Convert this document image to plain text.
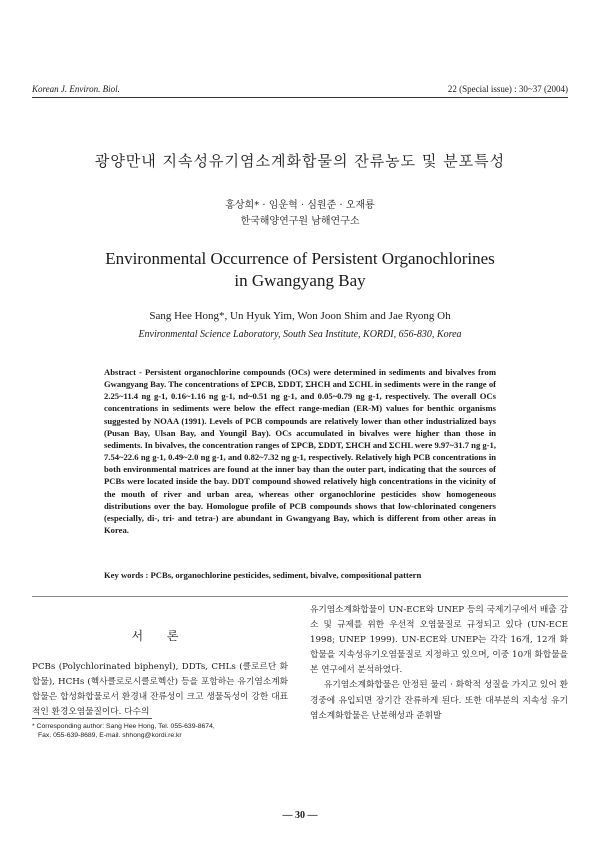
Korean J. Environ. Biol.	22 (Special issue) : 30~37 (2004)
광양만내 지속성유기염소계화합물의 잔류농도 및 분포특성
홍상희* · 임운혁 · 심원준 · 오재룡
한국해양연구원 남해연구소
Environmental Occurrence of Persistent Organochlorines
in Gwangyang Bay
Sang Hee Hong*, Un Hyuk Yim, Won Joon Shim and Jae Ryong Oh
Environmental Science Laboratory, South Sea Institute, KORDI, 656-830, Korea
Abstract - Persistent organochlorine compounds (OCs) were determined in sediments and bivalves from Gwangyang Bay. The concentrations of ΣPCB, ΣDDT, ΣHCH and ΣCHL in sediments were in the range of 2.25~11.4 ng g-1, 0.16~1.16 ng g-1, nd~0.51 ng g-1, and 0.05~0.79 ng g-1, respectively. The overall OCs concentrations in sediments were below the effect range-median (ER-M) values for benthic organisms suggested by NOAA (1991). Levels of PCB compounds are relatively lower than other industrialized bays (Pusan Bay, Ulsan Bay, and Youngil Bay). OCs accumulated in bivalves were higher than those in sediments. In bivalves, the concentration ranges of ΣPCB, ΣDDT, ΣHCH and ΣCHL were 9.97~31.7 ng g-1, 7.54~22.6 ng g-1, 0.49~2.0 ng g-1, and 0.82~7.32 ng g-1, respectively. Relatively high PCB concentrations in both environmental matrices are found at the inner bay than the outer part, indicating that the sources of PCBs were located inside the bay. DDT compound showed relatively high concentrations in the vicinity of the mouth of river and urban area, whereas other organochlorine pesticides show homogeneous distributions over the bay. Homologue profile of PCB compounds shows that low-chlorinated congeners (especially, di-, tri- and tetra-) are abundant in Gwangyang Bay, which is different from other areas in Korea.
Key words : PCBs, organochlorine pesticides, sediment, bivalve, compositional pattern
서 론

PCBs (Polychlorinated biphenyl), DDTs, CHLs (클로르단 화합물), HCHs (헥사클로로시클로헥산) 등을 포함하는 유기염소계화합물은 합성화합물로서 환경내 잔류성이 크고 생물독성이 강한 대표적인 환경오염물질이다. 다수의

* Corresponding author: Sang Hee Hong, Tel. 055-639-8674,
Fax. 055-639-8689, E-mail. shhong@kordi.re.kr

유기염소계화합물이 UN-ECE와 UNEP 등의 국제기구에서 배출 감소 및 규제를 위한 우선적 오염물질로 규정되고 있다 (UN-ECE 1998; UNEP 1999). UN-ECE와 UNEP는 각각 16개, 12개 화합물을 지속성유기오염물질로 지정하고 있으며, 이중 10개 화합물을 본 연구에서 분석하였다.

유기염소계화합물은 안정된 물리 · 화학적 성질을 가지고 있어 환경중에 유입되면 장기간 잔류하게 된다. 또한 대부분의 지속성 유기염소계화합물은 난분해성과 준휘발

— 30 —
